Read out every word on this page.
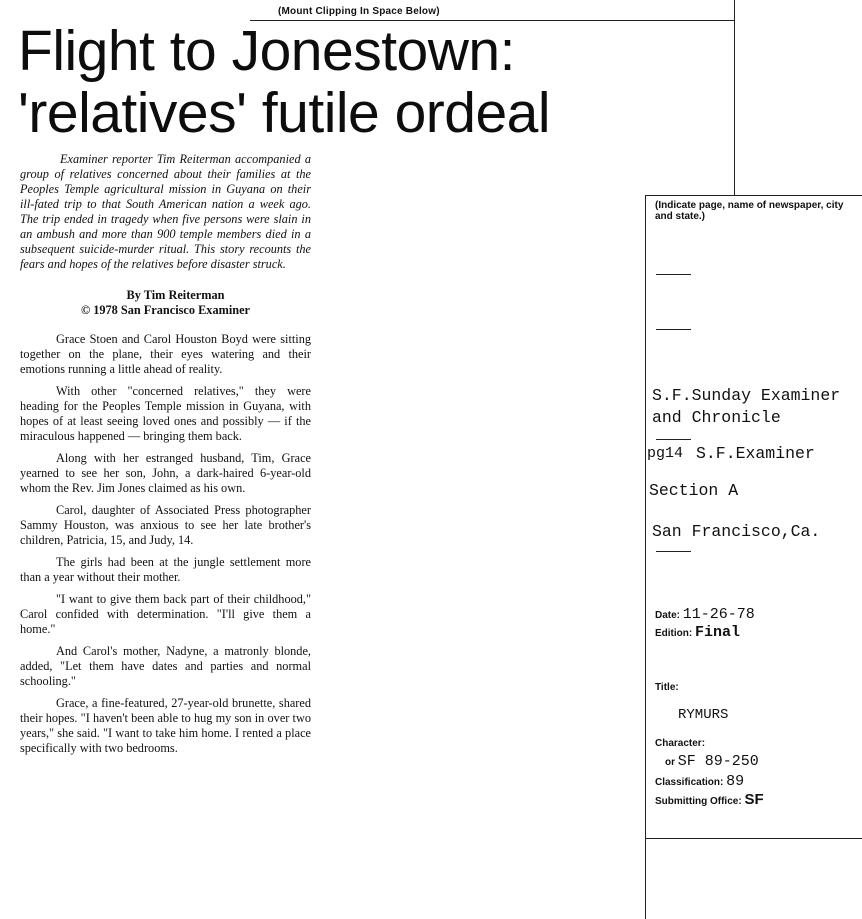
(Mount Clipping In Space Below)
Flight to Jonestown:
'relatives' futile ordeal

Examiner reporter Tim Reiterman accompanied a group of relatives concerned about their families at the Peoples Temple agricultural mission in Guyana on their ill-fated trip to that South American nation a week ago. The trip ended in tragedy when five persons were slain in an ambush and more than 900 temple members died in a subsequent suicide-murder ritual. This story recounts the fears and hopes of the relatives before disaster struck.

By Tim Reiterman

© 1978 San Francisco Examiner

Grace Stoen and Carol Houston Boyd were sitting together on the plane, their eyes watering and their emotions running a little ahead of reality.

With other "concerned relatives," they were heading for the Peoples Temple mission in Guyana, with hopes of at least seeing loved ones and possibly — if the miraculous happened — bringing them back.

Along with her estranged husband, Tim, Grace yearned to see her son, John, a dark-haired 6-year-old whom the Rev. Jim Jones claimed as his own.

Carol, daughter of Associated Press photographer Sammy Houston, was anxious to see her late brother's children, Patricia, 15, and Judy, 14.

The girls had been at the jungle settlement more than a year without their mother.

"I want to give them back part of their childhood," Carol confided with determination. "I'll give them a home."

And Carol's mother, Nadyne, a matronly blonde, added, "Let them have dates and parties and normal schooling."

Grace, a fine-featured, 27-year-old brunette, shared their hopes. "I haven't been able to hug my son in over two years," she said. "I want to take him home. I rented a place specifically with two bedrooms.

(Indicate page, name of newspaper, city and state.)
S.F.Sunday Examiner
and Chronicle
pg14 S.F.Examiner
Section A
San Francisco,Ca.
Date: 11-26-78
Edition: Final
Title:
RYMURS
Character:
or SF 89-250
Classification: 89
Submitting Office: SF
